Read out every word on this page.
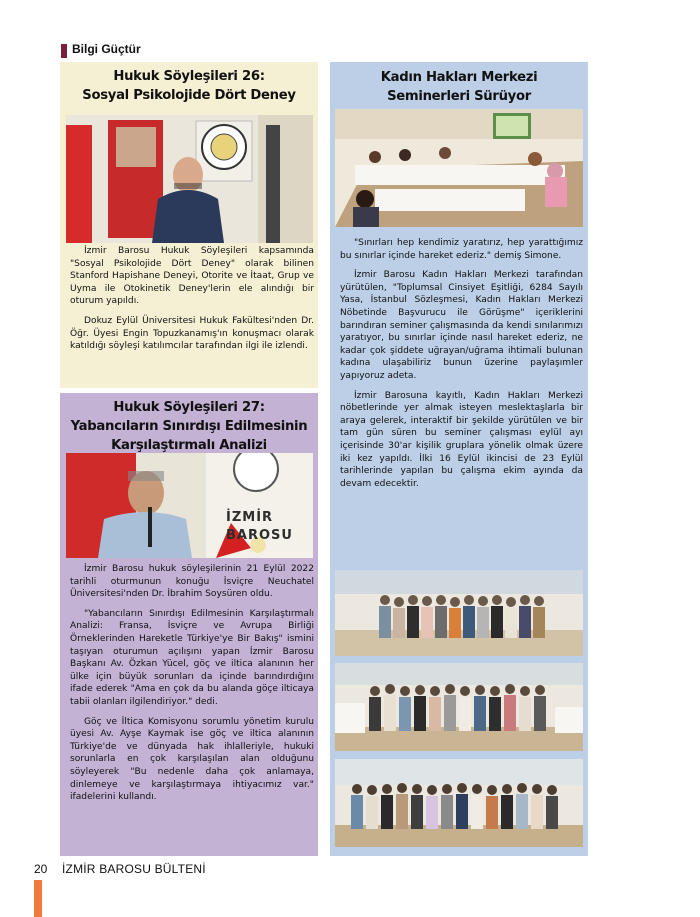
Bilgi Güçtür
Hukuk Söyleşileri 26:
Sosyal Psikolojide Dört Deney

İzmir Barosu Hukuk Söyleşileri kapsamında "Sosyal Psikolojide Dört Deney" olarak bilinen Stanford Hapishane Deneyi, Otorite ve İtaat, Grup ve Uyma ile Otokinetik Deney'lerin ele alındığı bir oturum yapıldı.

Dokuz Eylül Üniversitesi Hukuk Fakültesi'nden Dr. Öğr. Üyesi Engin Topuzkanamış'ın konuşmacı olarak katıldığı söyleşi katılımcılar tarafından ilgi ile izlendi.

Hukuk Söyleşileri 27:
Yabancıların Sınırdışı Edilmesinin
Karşılaştırmalı Analizi
İZMİR BAROSU

İzmir Barosu hukuk söyleşilerinin 21 Eylül 2022 tarihli oturmunun konuğu İsviçre Neuchatel Üniversitesi'nden Dr. İbrahim Soysüren oldu.

"Yabancıların Sınırdışı Edilmesinin Karşılaştırmalı Analizi: Fransa, İsviçre ve Avrupa Birliği Örneklerinden Hareketle Türkiye'ye Bir Bakış" ismini taşıyan oturumun açılışını yapan İzmir Barosu Başkanı Av. Özkan Yücel, göç ve iltica alanının her ülke için büyük sorunları da içinde barındırdığını ifade ederek "Ama en çok da bu alanda göçe ilticaya tabii olanları ilgilendiriyor." dedi.

Göç ve İltica Komisyonu sorumlu yönetim kurulu üyesi Av. Ayşe Kaymak ise göç ve iltica alanının Türkiye'de ve dünyada hak ihlalleriyle, hukuki sorunlarla en çok karşılaşılan alan olduğunu söyleyerek "Bu nedenle daha çok anlamaya, dinlemeye ve karşılaştırmaya ihtiyacımız var." ifadelerini kullandı.

Kadın Hakları Merkezi
Seminerleri Sürüyor

"Sınırları hep kendimiz yaratırız, hep yarattığımız bu sınırlar içinde hareket ederiz." demiş Simone.

İzmir Barosu Kadın Hakları Merkezi tarafından yürütülen, "Toplumsal Cinsiyet Eşitliği, 6284 Sayılı Yasa, İstanbul Sözleşmesi, Kadın Hakları Merkezi Nöbetinde Başvurucu ile Görüşme" içeriklerini barındıran seminer çalışmasında da kendi sınılarımızı yaratıyor, bu sınırlar içinde nasıl hareket ederiz, ne kadar çok şiddete uğrayan/uğrama ihtimali bulunan kadına ulaşabiliriz bunun üzerine paylaşımler yapıyoruz adeta.

İzmir Barosuna kayıtlı, Kadın Hakları Merkezi nöbetlerinde yer almak isteyen meslektaşlarla bir araya gelerek, interaktif bir şekilde yürütülen ve bir tam gün süren bu seminer çalışması eylül ayı içerisinde 30'ar kişilik gruplara yönelik olmak üzere iki kez yapıldı. İlki 16 Eylül ikincisi de 23 Eylül tarihlerinde yapılan bu çalışma ekim ayında da devam edecektir.

20 İZMİR BAROSU BÜLTENİ
